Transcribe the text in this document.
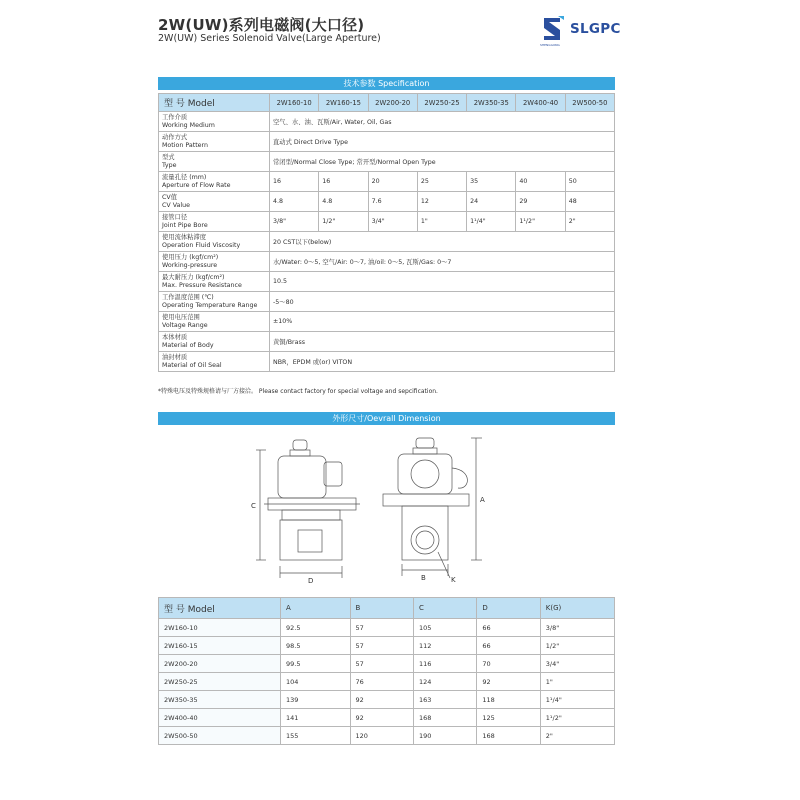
2W(UW)系列电磁阀(大口径)
2W(UW) Series Solenoid Valve(Large Aperture)
SLGPC
SHENGGONG
技术参数 Specification
型 号 Model	2W160-10	2W160-15	2W200-20	2W250-25	2W350-35	2W400-40	2W500-50

工作介质
Working Medium	空气、水、油、瓦斯/Air, Water, Oil, Gas						

动作方式
Motion Pattern	直动式 Direct Drive Type						

型式
Type	常闭型/Normal Close Type; 常开型/Normal Open Type						

流量孔径 (mm)
Aperture of Flow Rate	16	16	20	25	35	40	50

CV值
CV Value	4.8	4.8	7.6	12	24	29	48

接管口径
Joint Pipe Bore	3/8"	1/2"	3/4"	1"	1¹/4"	1¹/2"	2"

使用流体粘滞度
Operation Fluid Viscosity	20 CST以下(below)						

使用压力 (kgf/cm²)
Working-pressure	水/Water: 0～5, 空气/Air: 0～7, 油/oil: 0～5, 瓦斯/Gas: 0～7						

最大耐压力 (kgf/cm²)
Max. Pressure Resistance	10.5						

工作温度范围 (℃)
Operating Temperature Range	-5～80						

使用电压范围
Voltage Range	±10%						

本体材质
Material of Body	黄铜/Brass						

油封材质
Material of Oil Seal	NBR，EPDM 或(or) VITON						
*特殊电压及特殊规格请与厂方接洽。 Please contact factory for special voltage and sepcification.
外形尺寸/Oevrall Dimension
C
D
A
B	K
型 号 Model	A	B	C	D	K(G)
2W160-10	92.5	57	105	66	3/8"
2W160-15	98.5	57	112	66	1/2"
2W200-20	99.5	57	116	70	3/4"
2W250-25	104	76	124	92	1"
2W350-35	139	92	163	118	1¹/4"
2W400-40	141	92	168	125	1¹/2"
2W500-50	155	120	190	168	2"
